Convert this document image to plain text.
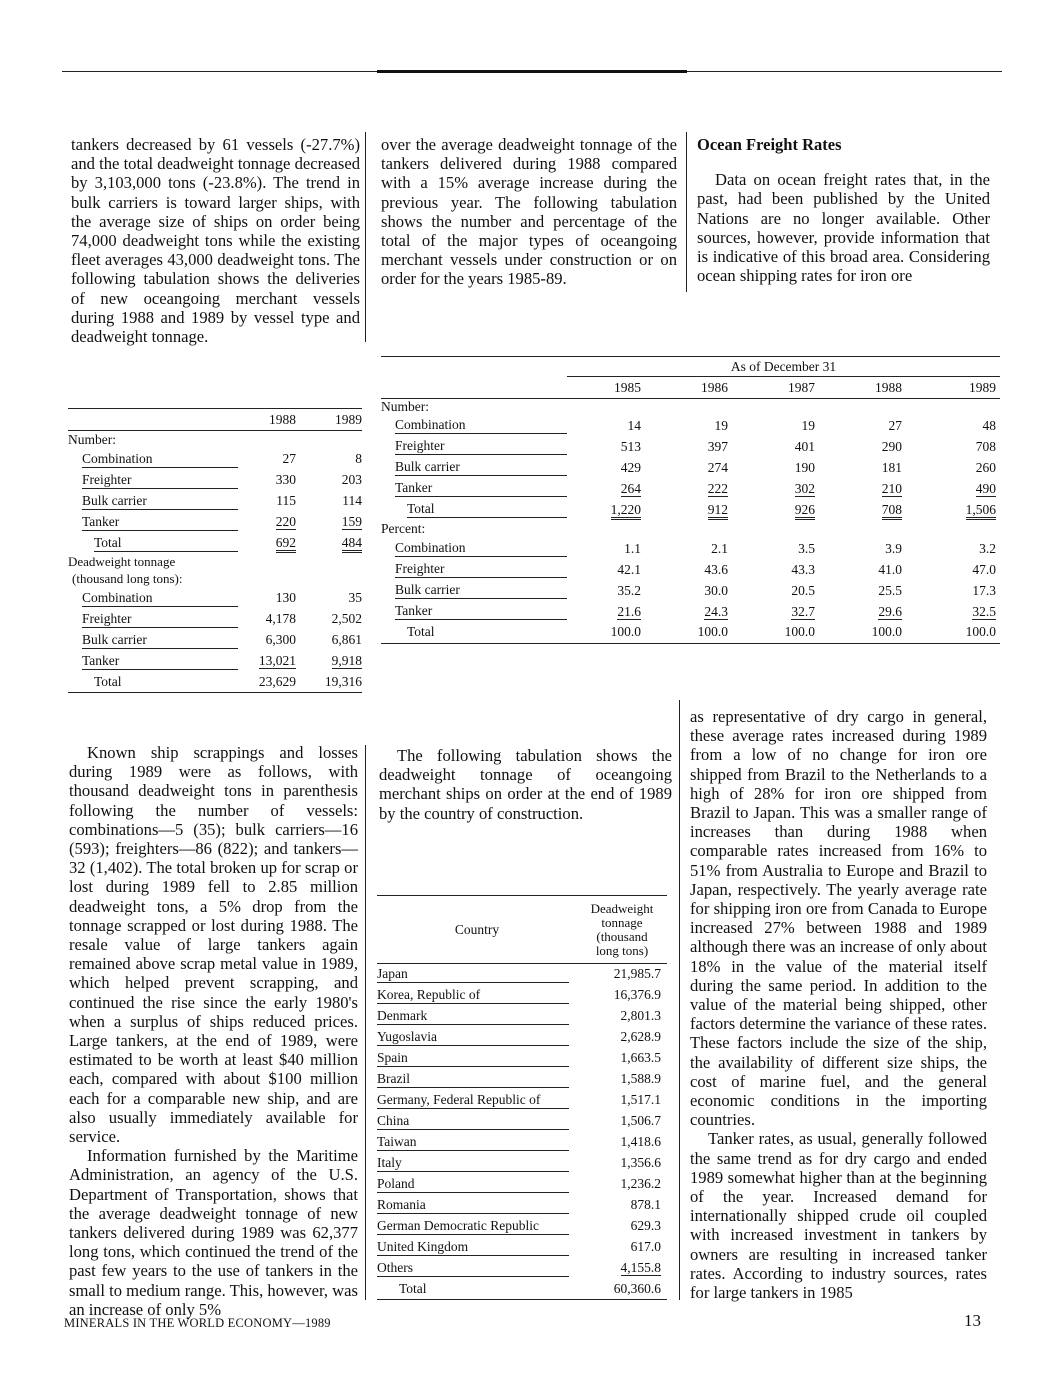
tankers decreased by 61 vessels (-27.7%) and the total deadweight tonnage decreased by 3,103,000 tons (-23.8%). The trend in bulk carriers is toward larger ships, with the average size of ships on order being 74,000 deadweight tons while the existing fleet averages 43,000 deadweight tons. The following tabulation shows the deliveries of new oceangoing merchant vessels during 1988 and 1989 by vessel type and deadweight tonnage.

over the average deadweight tonnage of the tankers delivered during 1988 compared with a 15% average increase during the previous year. The following tabulation shows the number and percentage of the total of the major types of oceangoing merchant vessels under construction or on order for the years 1985-89.

Ocean Freight Rates

Data on ocean freight rates that, in the past, had been published by the United Nations are no longer available. Other sources, however, provide information that is indicative of this broad area. Considering ocean shipping rates for iron ore

	1988	1989
Number:		

Combination	27	8

Freighter	330	203

Bulk carrier	115	114

Tanker	220	159

Total	692	484
Deadweight tonnage		
(thousand long tons):		

Combination	130	35

Freighter	4,178	2,502

Bulk carrier	6,300	6,861

Tanker	13,021	9,918
Total	23,629	19,316
	As of December 31				
	1985	1986	1987	1988	1989
Number:					

Combination	14	19	19	27	48

Freighter	513	397	401	290	708

Bulk carrier	429	274	190	181	260

Tanker	264	222	302	210	490

Total	1,220	912	926	708	1,506
Percent:					

Combination	1.1	2.1	3.5	3.9	3.2

Freighter	42.1	43.6	43.3	41.0	47.0

Bulk carrier	35.2	30.0	20.5	25.5	17.3

Tanker	21.6	24.3	32.7	29.6	32.5
Total	100.0	100.0	100.0	100.0	100.0

Known ship scrappings and losses during 1989 were as follows, with thousand deadweight tons in parenthesis following the number of vessels: combinations—5 (35); bulk carriers—16 (593); freighters—86 (822); and tankers—32 (1,402). The total broken up for scrap or lost during 1989 fell to 2.85 million deadweight tons, a 5% drop from the tonnage scrapped or lost during 1988. The resale value of large tankers again remained above scrap metal value in 1989, which helped prevent scrapping, and continued the rise since the early 1980's when a surplus of ships reduced prices. Large tankers, at the end of 1989, were estimated to be worth at least $40 million each, compared with about $100 million each for a comparable new ship, and are also usually immediately available for service.

Information furnished by the Maritime Administration, an agency of the U.S. Department of Transportation, shows that the average deadweight tonnage of new tankers delivered during 1989 was 62,377 long tons, which continued the trend of the past few years to the use of tankers in the small to medium range. This, however, was an increase of only 5%

The following tabulation shows the deadweight tonnage of oceangoing merchant ships on order at the end of 1989 by the country of construction.

Country	Deadweight
tonnage
(thousand
long tons)

Japan	21,985.7

Korea, Republic of	16,376.9

Denmark	2,801.3

Yugoslavia	2,628.9

Spain	1,663.5

Brazil	1,588.9

Germany, Federal Republic of	1,517.1

China	1,506.7

Taiwan	1,418.6

Italy	1,356.6

Poland	1,236.2

Romania	878.1

German Democratic Republic	629.3

United Kingdom	617.0

Others	4,155.8
Total	60,360.6

as representative of dry cargo in general, these average rates increased during 1989 from a low of no change for iron ore shipped from Brazil to the Netherlands to a high of 28% for iron ore shipped from Brazil to Japan. This was a smaller range of increases than during 1988 when comparable rates increased from 16% to 51% from Australia to Europe and Brazil to Japan, respectively. The yearly average rate for shipping iron ore from Canada to Europe increased 27% between 1988 and 1989 although there was an increase of only about 18% in the value of the material itself during the same period. In addition to the value of the material being shipped, other factors determine the variance of these rates. These factors include the size of the ship, the availability of different size ships, the cost of marine fuel, and the general economic conditions in the importing countries.

Tanker rates, as usual, generally followed the same trend as for dry cargo and ended 1989 somewhat higher than at the beginning of the year. Increased demand for internationally shipped crude oil coupled with increased investment in tankers by owners are resulting in increased tanker rates. According to industry sources, rates for large tankers in 1985

MINERALS IN THE WORLD ECONOMY—1989	13
